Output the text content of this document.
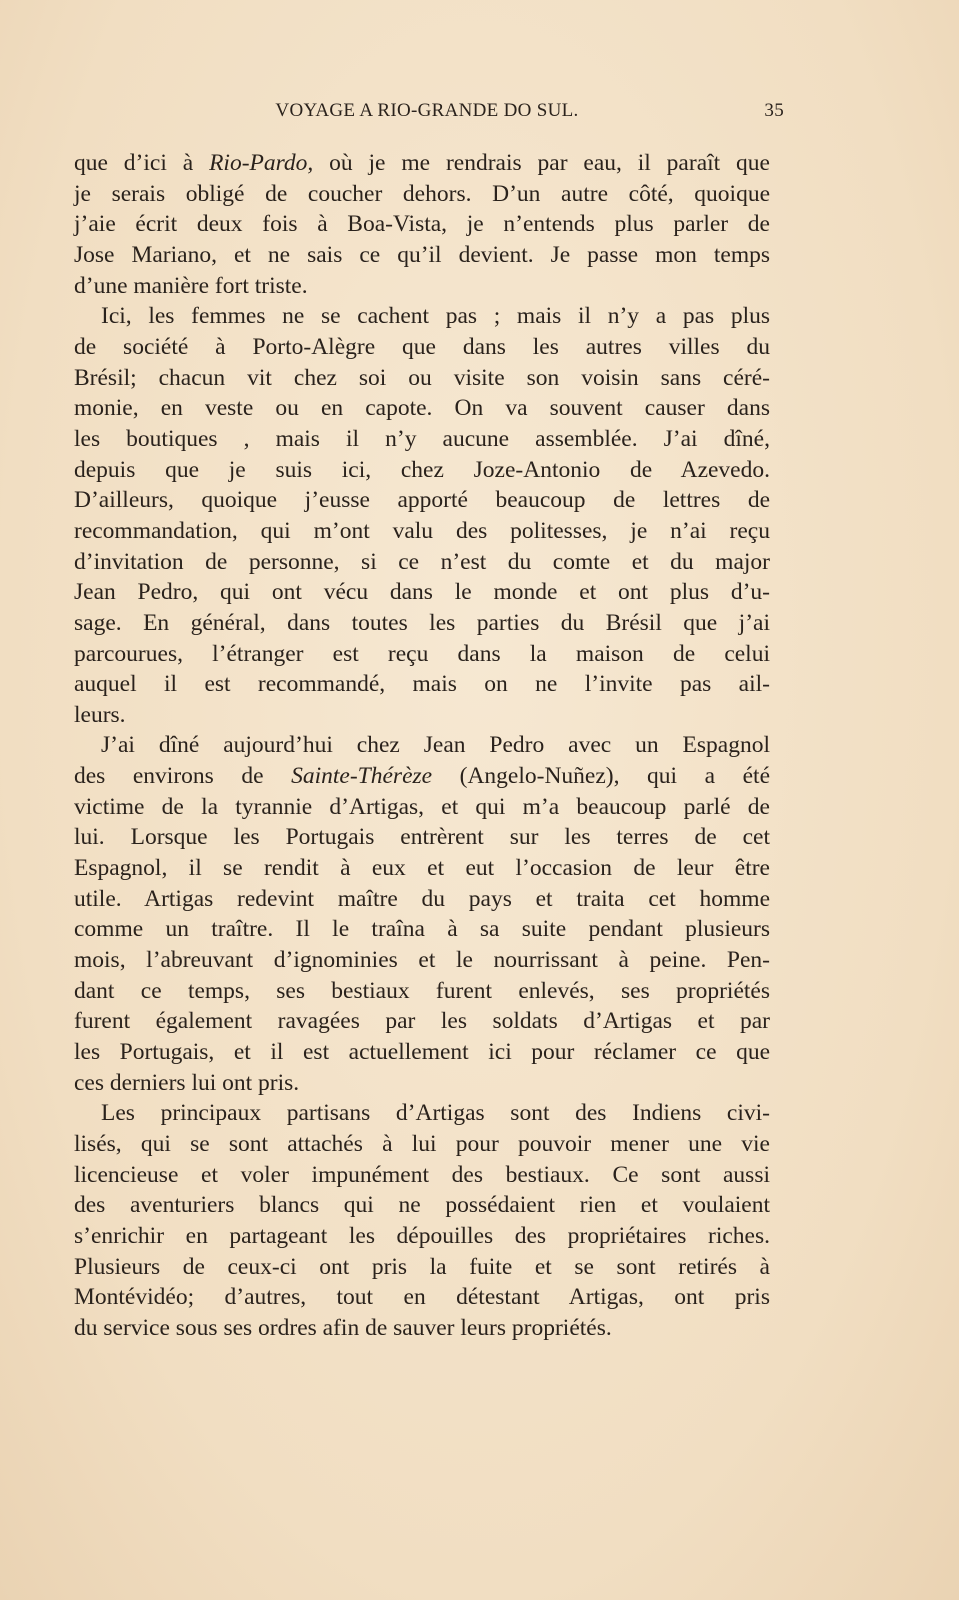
VOYAGE A RIO-GRANDE DO SUL.	35
que d’ici à Rio-Pardo, où je me rendrais par eau, il paraît que
je serais obligé de coucher dehors. D’un autre côté, quoique
j’aie écrit deux fois à Boa-Vista, je n’entends plus parler de
Jose Mariano, et ne sais ce qu’il devient. Je passe mon temps
d’une manière fort triste.
Ici, les femmes ne se cachent pas ; mais il n’y a pas plus
de société à Porto-Alègre que dans les autres villes du
Brésil; chacun vit chez soi ou visite son voisin sans céré-
monie, en veste ou en capote. On va souvent causer dans
les boutiques , mais il n’y aucune assemblée. J’ai dîné,
depuis que je suis ici, chez Joze-Antonio de Azevedo.
D’ailleurs, quoique j’eusse apporté beaucoup de lettres de
recommandation, qui m’ont valu des politesses, je n’ai reçu
d’invitation de personne, si ce n’est du comte et du major
Jean Pedro, qui ont vécu dans le monde et ont plus d’u-
sage. En général, dans toutes les parties du Brésil que j’ai
parcourues, l’étranger est reçu dans la maison de celui
auquel il est recommandé, mais on ne l’invite pas ail-
leurs.
J’ai dîné aujourd’hui chez Jean Pedro avec un Espagnol
des environs de Sainte-Thérèze (Angelo-Nuñez), qui a été
victime de la tyrannie d’Artigas, et qui m’a beaucoup parlé de
lui. Lorsque les Portugais entrèrent sur les terres de cet
Espagnol, il se rendit à eux et eut l’occasion de leur être
utile. Artigas redevint maître du pays et traita cet homme
comme un traître. Il le traîna à sa suite pendant plusieurs
mois, l’abreuvant d’ignominies et le nourrissant à peine. Pen-
dant ce temps, ses bestiaux furent enlevés, ses propriétés
furent également ravagées par les soldats d’Artigas et par
les Portugais, et il est actuellement ici pour réclamer ce que
ces derniers lui ont pris.
Les principaux partisans d’Artigas sont des Indiens civi-
lisés, qui se sont attachés à lui pour pouvoir mener une vie
licencieuse et voler impunément des bestiaux. Ce sont aussi
des aventuriers blancs qui ne possédaient rien et voulaient
s’enrichir en partageant les dépouilles des propriétaires riches.
Plusieurs de ceux-ci ont pris la fuite et se sont retirés à
Montévidéo; d’autres, tout en détestant Artigas, ont pris
du service sous ses ordres afin de sauver leurs propriétés.
